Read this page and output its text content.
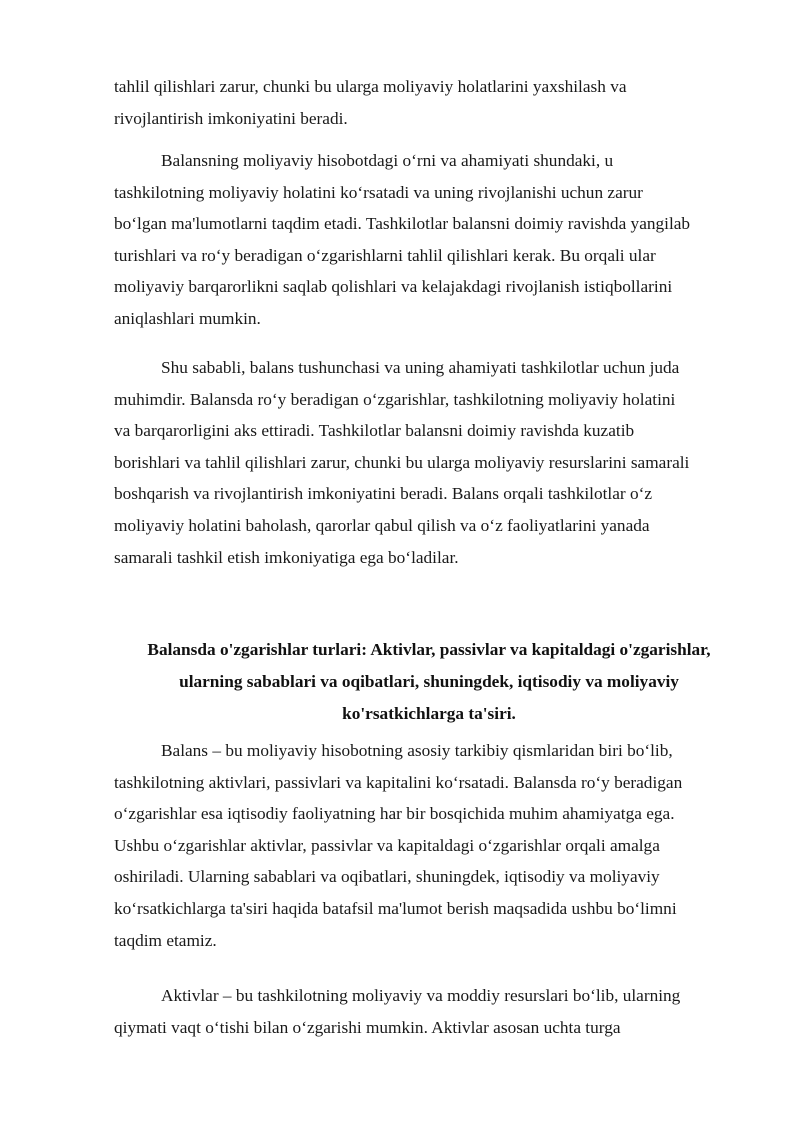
tahlil qilishlari zarur, chunki bu ularga moliyaviy holatlarini yaxshilash va
rivojlantirish imkoniyatini beradi.

Balansning moliyaviy hisobotdagi o‘rni va ahamiyati shundaki, u
tashkilotning moliyaviy holatini ko‘rsatadi va uning rivojlanishi uchun zarur
bo‘lgan ma'lumotlarni taqdim etadi. Tashkilotlar balansni doimiy ravishda yangilab
turishlari va ro‘y beradigan o‘zgarishlarni tahlil qilishlari kerak. Bu orqali ular
moliyaviy barqarorlikni saqlab qolishlari va kelajakdagi rivojlanish istiqbollarini
aniqlashlari mumkin.

Shu sababli, balans tushunchasi va uning ahamiyati tashkilotlar uchun juda
muhimdir. Balansda ro‘y beradigan o‘zgarishlar, tashkilotning moliyaviy holatini
va barqarorligini aks ettiradi. Tashkilotlar balansni doimiy ravishda kuzatib
borishlari va tahlil qilishlari zarur, chunki bu ularga moliyaviy resurslarini samarali
boshqarish va rivojlantirish imkoniyatini beradi. Balans orqali tashkilotlar o‘z
moliyaviy holatini baholash, qarorlar qabul qilish va o‘z faoliyatlarini yanada
samarali tashkil etish imkoniyatiga ega bo‘ladilar.

Balansda o'zgarishlar turlari: Aktivlar, passivlar va kapitaldagi o'zgarishlar,
ularning sabablari va oqibatlari, shuningdek, iqtisodiy va moliyaviy
ko'rsatkichlarga ta'siri.

Balans – bu moliyaviy hisobotning asosiy tarkibiy qismlaridan biri bo‘lib,
tashkilotning aktivlari, passivlari va kapitalini ko‘rsatadi. Balansda ro‘y beradigan
o‘zgarishlar esa iqtisodiy faoliyatning har bir bosqichida muhim ahamiyatga ega.
Ushbu o‘zgarishlar aktivlar, passivlar va kapitaldagi o‘zgarishlar orqali amalga
oshiriladi. Ularning sabablari va oqibatlari, shuningdek, iqtisodiy va moliyaviy
ko‘rsatkichlarga ta'siri haqida batafsil ma'lumot berish maqsadida ushbu bo‘limni
taqdim etamiz.

Aktivlar – bu tashkilotning moliyaviy va moddiy resurslari bo‘lib, ularning
qiymati vaqt o‘tishi bilan o‘zgarishi mumkin. Aktivlar asosan uchta turga
